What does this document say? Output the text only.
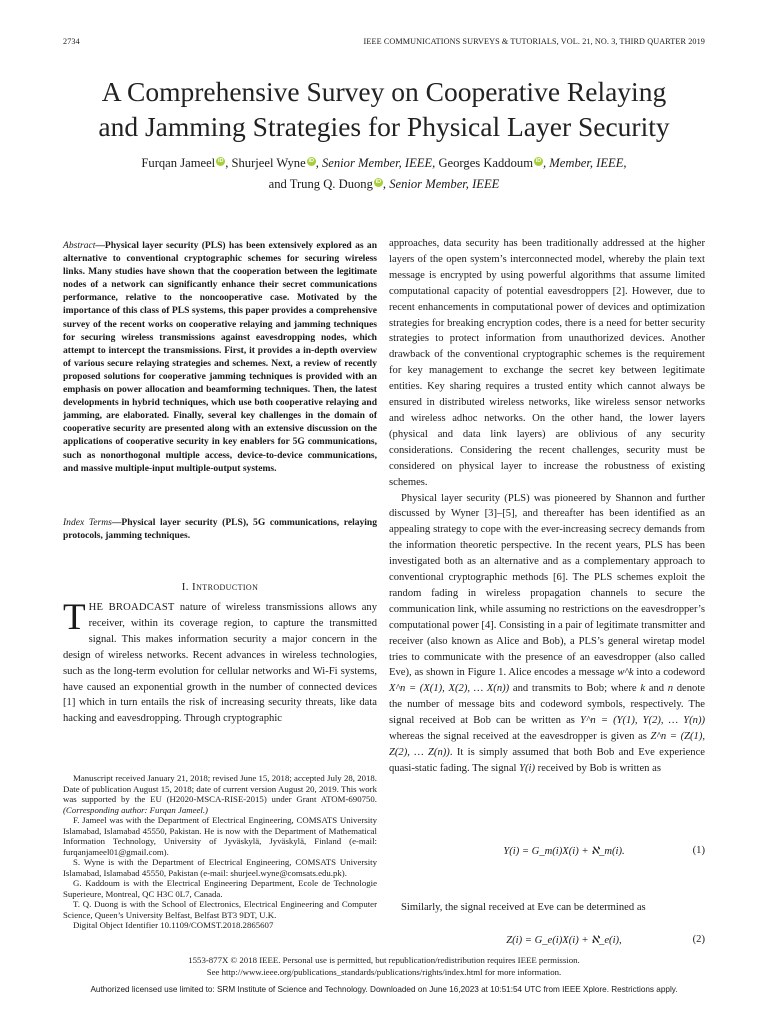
2734	IEEE COMMUNICATIONS SURVEYS & TUTORIALS, VOL. 21, NO. 3, THIRD QUARTER 2019
A Comprehensive Survey on Cooperative Relaying
and Jamming Strategies for Physical Layer Security
Furqan Jameel iD , Shurjeel Wyne iD , Senior Member, IEEE, Georges Kaddoum iD , Member, IEEE,
and Trung Q. Duong iD , Senior Member, IEEE
Abstract—Physical layer security (PLS) has been extensively explored as an alternative to conventional cryptographic schemes for securing wireless links. Many studies have shown that the cooperation between the legitimate nodes of a network can significantly enhance their secret communications performance, relative to the noncooperative case. Motivated by the importance of this class of PLS systems, this paper provides a comprehensive survey of the recent works on cooperative relaying and jamming techniques for securing wireless transmissions against eavesdropping nodes, which attempt to intercept the transmissions. First, it provides a in-depth overview of various secure relaying strategies and schemes. Next, a review of recently proposed solutions for cooperative jamming techniques is provided with an emphasis on power allocation and beamforming techniques. Then, the latest developments in hybrid techniques, which use both cooperative relaying and jamming, are elaborated. Finally, several key challenges in the domain of cooperative security are presented along with an extensive discussion on the applications of cooperative security in key enablers for 5G communications, such as nonorthogonal multiple access, device-to-device communications, and massive multiple-input multiple-output systems.
Index Terms—Physical layer security (PLS), 5G communications, relaying protocols, jamming techniques.
I. Introduction
THE BROADCAST nature of wireless transmissions allows any receiver, within its coverage region, to capture the transmitted signal. This makes information security a major concern in the design of wireless networks. Recent advances in wireless technologies, such as the long-term evolution for cellular networks and Wi-Fi systems, have caused an exponential growth in the number of connected devices [1] which in turn entails the risk of increasing security threats, like data hacking and eavesdropping. Through cryptographic

Manuscript received January 21, 2018; revised June 15, 2018; accepted July 28, 2018. Date of publication August 15, 2018; date of current version August 20, 2019. This work was supported by the EU (H2020-MSCA-RISE-2015) under Grant ATOM-690750. (Corresponding author: Furqan Jameel.)

F. Jameel was with the Department of Electrical Engineering, COMSATS University Islamabad, Islamabad 45550, Pakistan. He is now with the Department of Mathematical Information Technology, University of Jyväskylä, Jyväskylä, Finland (e-mail: furqanjameel01@gmail.com).

S. Wyne is with the Department of Electrical Engineering, COMSATS University Islamabad, Islamabad 45550, Pakistan (e-mail: shurjeel.wyne@comsats.edu.pk).

G. Kaddoum is with the Electrical Engineering Department, Ecole de Technologie Superieure, Montreal, QC H3C 0L7, Canada.

T. Q. Duong is with the School of Electronics, Electrical Engineering and Computer Science, Queen’s University Belfast, Belfast BT3 9DT, U.K.

Digital Object Identifier 10.1109/COMST.2018.2865607

approaches, data security has been traditionally addressed at the higher layers of the open system’s interconnected model, whereby the plain text message is encrypted by using powerful algorithms that assume limited computational capacity of potential eavesdroppers [2]. However, due to recent enhancements in computational power of devices and optimization strategies for breaking encryption codes, there is a need for better security strategies to protect information from unauthorized devices. Another drawback of the conventional cryptographic schemes is the requirement for key management to exchange the secret key between legitimate entities. Key sharing requires a trusted entity which cannot always be ensured in distributed wireless networks, like wireless sensor networks and wireless adhoc networks. On the other hand, the lower layers (physical and data link layers) are oblivious of any security considerations. Considering the recent challenges, security must be considered on physical layer to increase the robustness of existing schemes.

Physical layer security (PLS) was pioneered by Shannon and further discussed by Wyner [3]–[5], and thereafter has been identified as an appealing strategy to cope with the ever-increasing secrecy demands from the information theoretic perspective. In the recent years, PLS has been investigated both as an alternative and as a complementary approach to conventional cryptographic methods [6]. The PLS schemes exploit the random fading in wireless propagation channels to secure the communication link, while assuming no restrictions on the eavesdropper’s computational power [4]. Consisting in a pair of legitimate transmitter and receiver (also known as Alice and Bob), a PLS’s general wiretap model tries to communicate with the presence of an eavesdropper (also called Eve), as shown in Figure 1. Alice encodes a message w^k into a codeword X^n = (X(1), X(2), … X(n)) and transmits to Bob; where k and n denote the number of message bits and codeword symbols, respectively. The signal received at Bob can be written as Y^n = (Y(1), Y(2), … Y(n)) whereas the signal received at the eavesdropper is given as Z^n = (Z(1), Z(2), … Z(n)). It is simply assumed that both Bob and Eve experience quasi-static fading. The signal Y(i) received by Bob is written as

Y(i) = G_m(i)X(i) + ℵ_m(i).	(1)
Similarly, the signal received at Eve can be determined as
Z(i) = G_e(i)X(i) + ℵ_e(i),	(2)
1553-877X © 2018 IEEE. Personal use is permitted, but republication/redistribution requires IEEE permission.
See http://www.ieee.org/publications_standards/publications/rights/index.html for more information.
Authorized licensed use limited to: SRM Institute of Science and Technology. Downloaded on June 16,2023 at 10:51:54 UTC from IEEE Xplore. Restrictions apply.
